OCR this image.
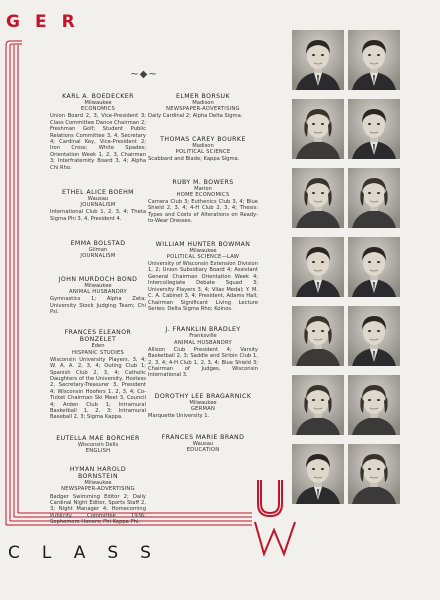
GER
CLASS
~◆~
KARL A. BOEDECKER
Milwaukee
ECONOMICS
Union Board 2, 3, Vice-President 3; Class Committee Dance Chairman 2; Freshman Golf; Student Public Relations Committee 3, 4, Secretary 4; Cardinal Key, Vice-President 2; Iron Cross; White Spades; Orientation Week 1, 2, 3, Chairman 3; Interfraternity Board 3, 4; Alpha Chi Rho.
ETHEL ALICE BOEHM
Wausau
JOURNALISM
International Club 1, 2, 3, 4; Theta Sigma Phi 3, 4, President 4.
EMMA BOLSTAD
Gilman
JOURNALISM
JOHN MURDOCH BOND
Milwaukee
ANIMAL HUSBANDRY
Gymnastics 1; Alpha Zeta; University Stock Judging Team; Chi Psi.
FRANCES ELEANOR BONZELET
Eden
HISPANIC STUDIES
Wisconsin University Players, 3, 4; W. A. A. 2, 3, 4; Outing Club 1; Spanish Club 2, 3, 4; Catholic Daughters of the University, Hostess 2, Secretary-Treasurer 3, President 4; Wisconsin Hoofers 1, 2, 3, 4; Co-Ticket Chairman Ski Meet 3, Council 4; Arden Club 1; Intramural Basketball 1, 2, 3; Intramural Baseball 2, 3; Sigma Kappa.
EUTELLA MAE BORCHER
Wisconsin Dells
ENGLISH
HYMAN HAROLD BORNSTEIN
Milwaukee
NEWSPAPER-ADVERTISING
Badger Swimming Editor 2; Daily Cardinal Night Editor, Sports Staff 2, 3; Night Manager 4; Homecoming Publicity Committee 1936; Sophomore Honors; Phi Kappa Phi.
ELMER BORSUK
Madison
NEWSPAPER-ADVERTISING
Daily Cardinal 2; Alpha Delta Sigma.
THOMAS CAREY BOURKE
Madison
POLITICAL SCIENCE
Scabbard and Blade; Kappa Sigma.
RUBY M. BOWERS
Marion
HOME ECONOMICS
Camera Club 3; Euthenics Club 3, 4; Blue Shield 2, 3, 4; 4-H Club 2, 3, 4; Thesis: Types and Costs of Alterations on Ready-to-Wear Dresses.
WILLIAM HUNTER BOWMAN
Milwaukee
POLITICAL SCIENCE—LAW
University of Wisconsin Extension Division 1, 2; Union Subsidiary Board 4; Assistant General Chairman Orientation Week 4; Intercollegiate Debate Squad 3; University Players 3, 4; Vilas Medal; Y. M. C. A. Cabinet 3, 4; President, Adams Hall; Chairman Significant Living Lecture Series; Delta Sigma Rho; Kolnos.
J. FRANKLIN BRADLEY
Franksville
ANIMAL HUSBANDRY
Allison Club President 4; Varsity Basketball 2, 3; Saddle and Sirloin Club 1, 2, 3, 4; 4-H Club 1, 2, 3, 4; Blue Shield 3; Chairman of Judges, Wisconsin International 3.
DOROTHY LEE BRAGARNICK
Milwaukee
GERMAN
Marquette University 1.
FRANCES MARIE BRAND
Wausau
EDUCATION
